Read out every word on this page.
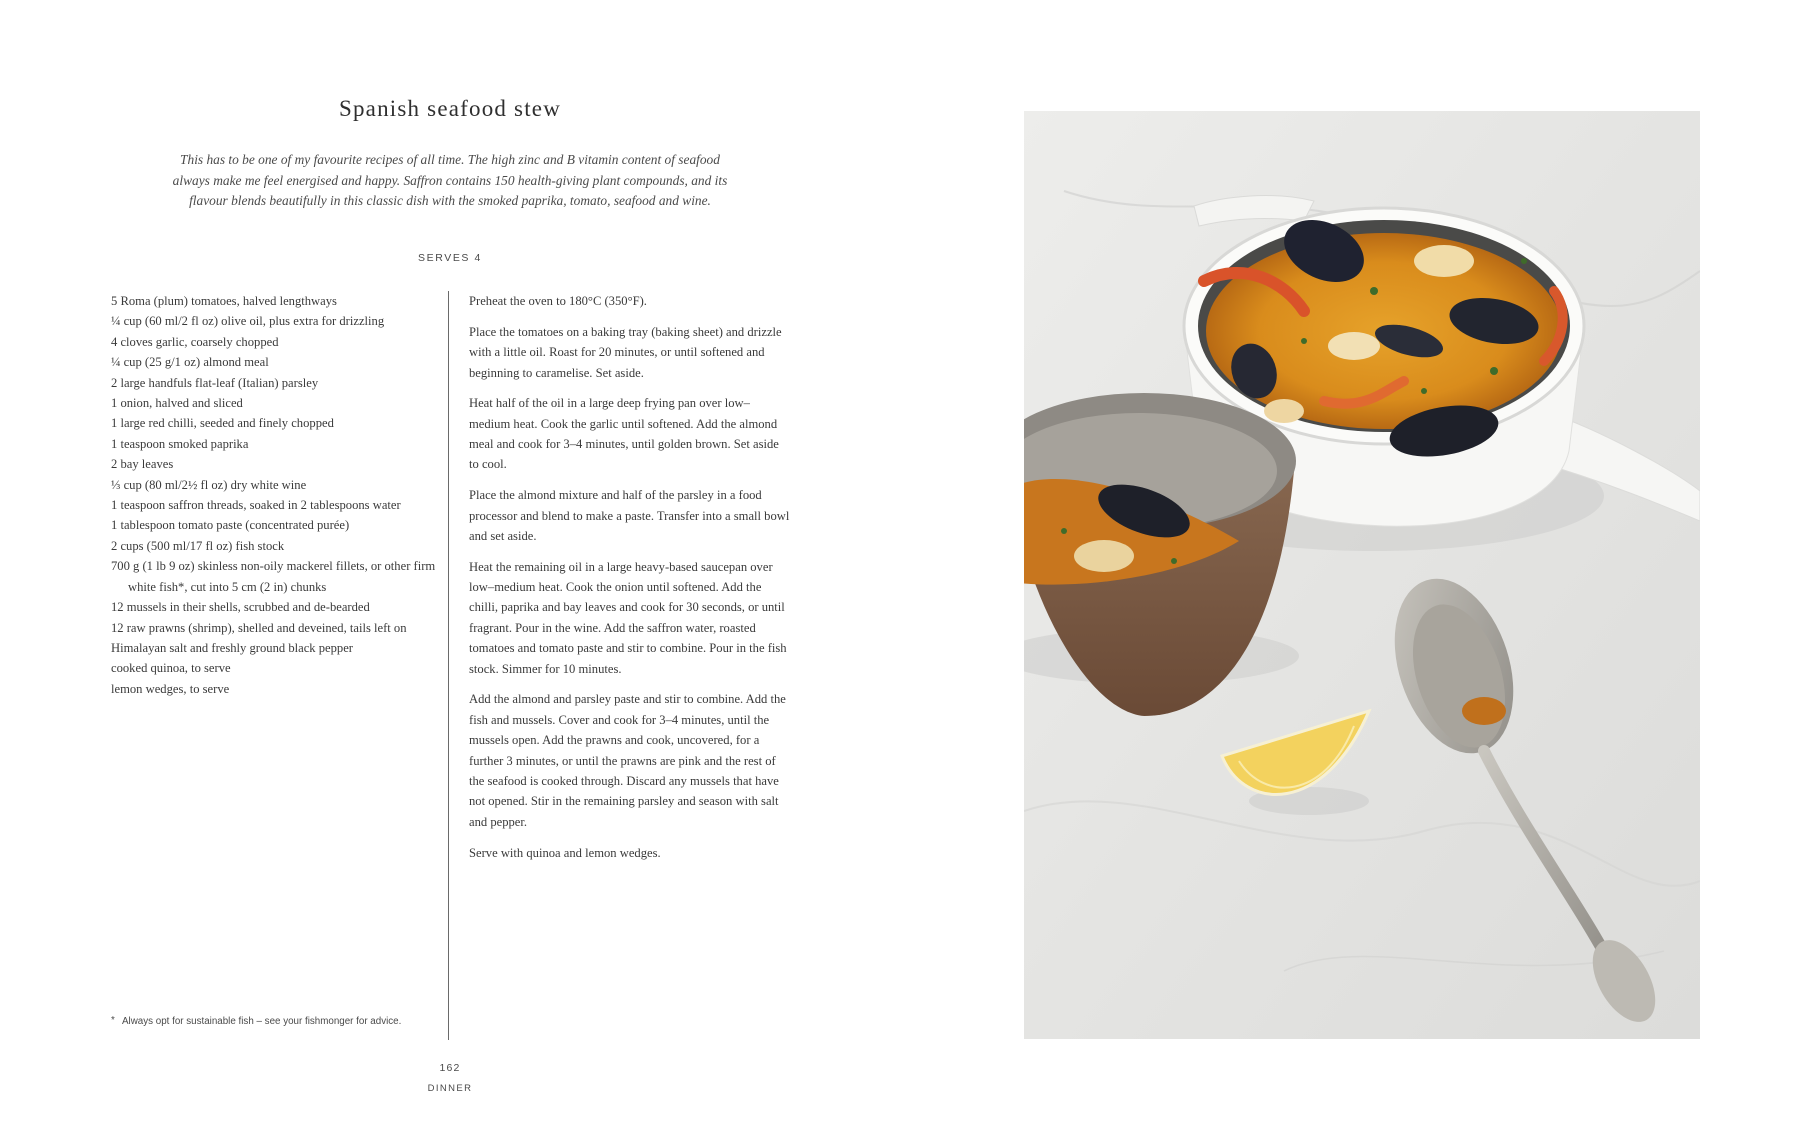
Spanish seafood stew

This has to be one of my favourite recipes of all time. The high zinc and B vitamin content of seafood always make me feel energised and happy. Saffron contains 150 health-giving plant compounds, and its flavour blends beautifully in this classic dish with the smoked paprika, tomato, seafood and wine.

SERVES 4
5 Roma (plum) tomatoes, halved lengthways
¼ cup (60 ml/2 fl oz) olive oil, plus extra for drizzling
4 cloves garlic, coarsely chopped
¼ cup (25 g/1 oz) almond meal
2 large handfuls flat-leaf (Italian) parsley
1 onion, halved and sliced
1 large red chilli, seeded and finely chopped
1 teaspoon smoked paprika
2 bay leaves
⅓ cup (80 ml/2½ fl oz) dry white wine
1 teaspoon saffron threads, soaked in 2 tablespoons water
1 tablespoon tomato paste (concentrated purée)
2 cups (500 ml/17 fl oz) fish stock
700 g (1 lb 9 oz) skinless non-oily mackerel fillets, or other firm white fish*, cut into 5 cm (2 in) chunks
12 mussels in their shells, scrubbed and de-bearded
12 raw prawns (shrimp), shelled and deveined, tails left on
Himalayan salt and freshly ground black pepper
cooked quinoa, to serve
lemon wedges, to serve

Preheat the oven to 180°C (350°F).

Place the tomatoes on a baking tray (baking sheet) and drizzle with a little oil. Roast for 20 minutes, or until softened and beginning to caramelise. Set aside.

Heat half of the oil in a large deep frying pan over low–medium heat. Cook the garlic until softened. Add the almond meal and cook for 3–4 minutes, until golden brown. Set aside to cool.

Place the almond mixture and half of the parsley in a food processor and blend to make a paste. Transfer into a small bowl and set aside.

Heat the remaining oil in a large heavy-based saucepan over low–medium heat. Cook the onion until softened. Add the chilli, paprika and bay leaves and cook for 30 seconds, or until fragrant. Pour in the wine. Add the saffron water, roasted tomatoes and tomato paste and stir to combine. Pour in the fish stock. Simmer for 10 minutes.

Add the almond and parsley paste and stir to combine. Add the fish and mussels. Cover and cook for 3–4 minutes, until the mussels open. Add the prawns and cook, uncovered, for a further 3 minutes, or until the prawns are pink and the rest of the seafood is cooked through. Discard any mussels that have not opened. Stir in the remaining parsley and season with salt and pepper.

Serve with quinoa and lemon wedges.

* Always opt for sustainable fish – see your fishmonger for advice.
162
DINNER
